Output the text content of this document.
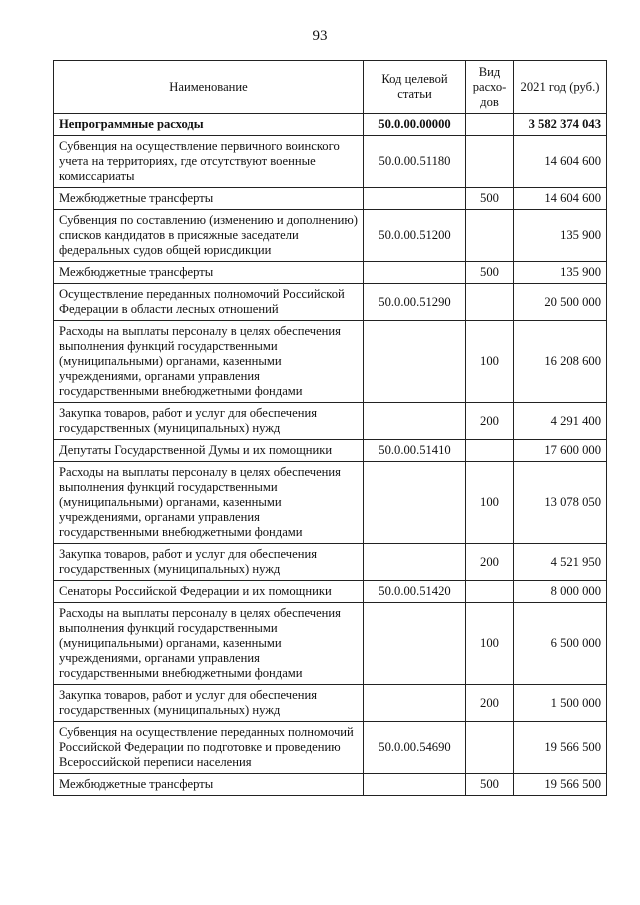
93
Наименование	Код целевой статьи	Вид расхо-дов	2021 год (руб.)
Непрограммные расходы	50.0.00.00000		3 582 374 043
Субвенция на осуществление первичного воинского учета на территориях, где отсутствуют военные комиссариаты	50.0.00.51180		14 604 600
Межбюджетные трансферты		500	14 604 600
Субвенция по составлению (изменению и дополнению) списков кандидатов в присяжные заседатели федеральных судов общей юрисдикции	50.0.00.51200		135 900
Межбюджетные трансферты		500	135 900
Осуществление переданных полномочий Российской Федерации в области лесных отношений	50.0.00.51290		20 500 000
Расходы на выплаты персоналу в целях обеспечения выполнения функций государственными (муниципальными) органами, казенными учреждениями, органами управления государственными внебюджетными фондами		100	16 208 600
Закупка товаров, работ и услуг для обеспечения государственных (муниципальных) нужд		200	4 291 400
Депутаты Государственной Думы и их помощники	50.0.00.51410		17 600 000
Расходы на выплаты персоналу в целях обеспечения выполнения функций государственными (муниципальными) органами, казенными учреждениями, органами управления государственными внебюджетными фондами		100	13 078 050
Закупка товаров, работ и услуг для обеспечения государственных (муниципальных) нужд		200	4 521 950
Сенаторы Российской Федерации и их помощники	50.0.00.51420		8 000 000
Расходы на выплаты персоналу в целях обеспечения выполнения функций государственными (муниципальными) органами, казенными учреждениями, органами управления государственными внебюджетными фондами		100	6 500 000
Закупка товаров, работ и услуг для обеспечения государственных (муниципальных) нужд		200	1 500 000
Субвенция на осуществление переданных полномочий Российской Федерации по подготовке и проведению Всероссийской переписи населения	50.0.00.54690		19 566 500
Межбюджетные трансферты		500	19 566 500
